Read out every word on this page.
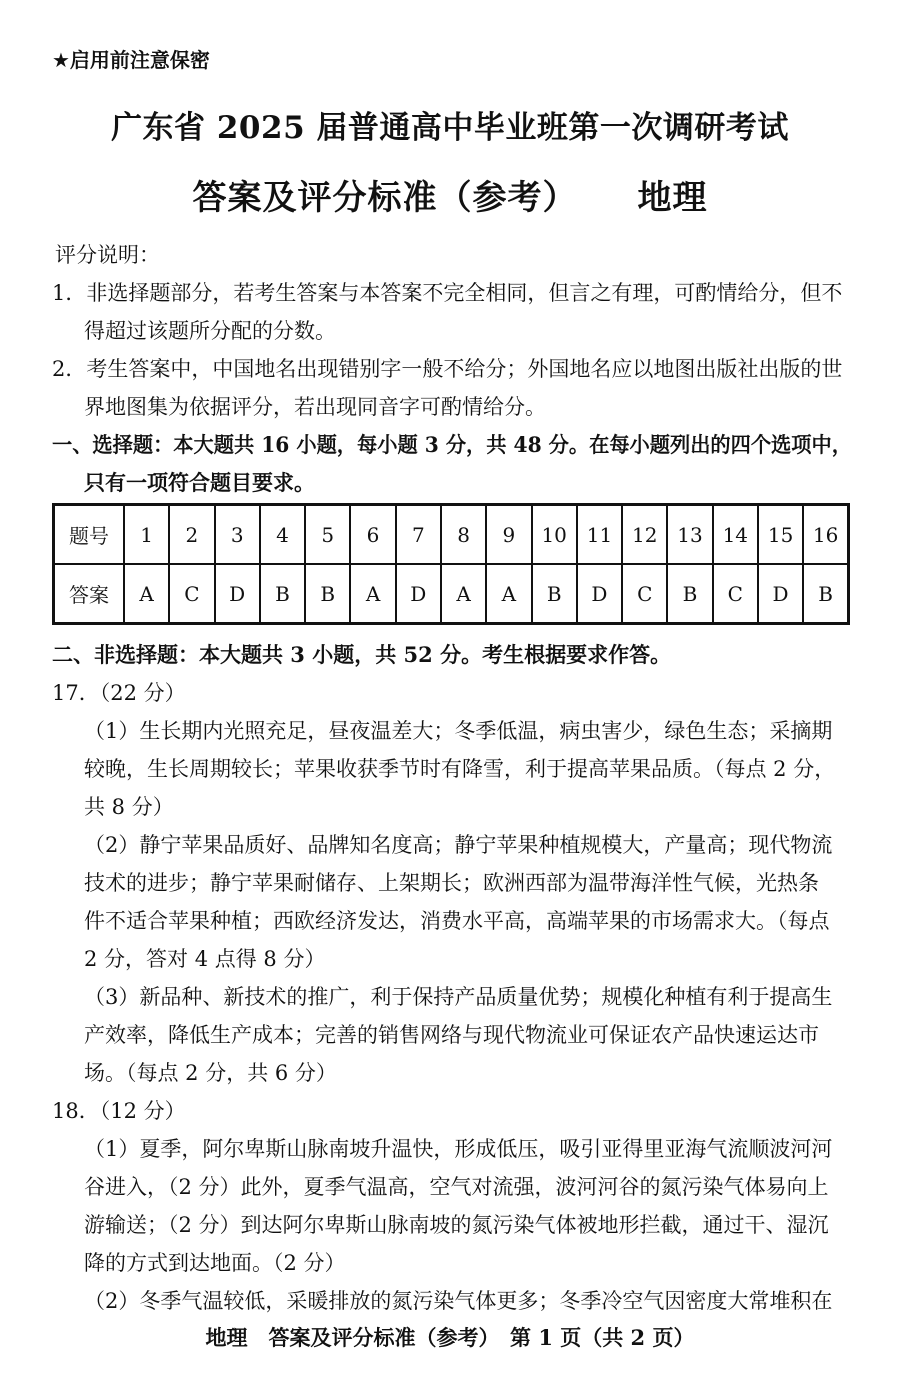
★启用前注意保密
广东省 2025 届普通高中毕业班第一次调研考试
答案及评分标准（参考） 地理
评分说明：
1．非选择题部分，若考生答案与本答案不完全相同，但言之有理，可酌情给分，但不
得超过该题所分配的分数。
2．考生答案中，中国地名出现错别字一般不给分；外国地名应以地图出版社出版的世
界地图集为依据评分，若出现同音字可酌情给分。
一、选择题：本大题共 16 小题，每小题 3 分，共 48 分。在每小题列出的四个选项中，
只有一项符合题目要求。
题号	1	2	3	4	5	6	7	8	9	10	11	12	13	14	15	16
答案	A	C	D	B	B	A	D	A	A	B	D	C	B	C	D	B
二、非选择题：本大题共 3 小题，共 52 分。考生根据要求作答。
17．（22 分）
（1）生长期内光照充足，昼夜温差大；冬季低温，病虫害少，绿色生态；采摘期
较晚，生长周期较长；苹果收获季节时有降雪，利于提高苹果品质。（每点 2 分，
共 8 分）
（2）静宁苹果品质好、品牌知名度高；静宁苹果种植规模大，产量高；现代物流
技术的进步；静宁苹果耐储存、上架期长；欧洲西部为温带海洋性气候，光热条
件不适合苹果种植；西欧经济发达，消费水平高，高端苹果的市场需求大。（每点
2 分，答对 4 点得 8 分）
（3）新品种、新技术的推广，利于保持产品质量优势；规模化种植有利于提高生
产效率，降低生产成本；完善的销售网络与现代物流业可保证农产品快速运达市
场。（每点 2 分，共 6 分）
18．（12 分）
（1）夏季，阿尔卑斯山脉南坡升温快，形成低压，吸引亚得里亚海气流顺波河河
谷进入，（2 分）此外，夏季气温高，空气对流强，波河河谷的氮污染气体易向上
游输送；（2 分）到达阿尔卑斯山脉南坡的氮污染气体被地形拦截，通过干、湿沉
降的方式到达地面。（2 分）
（2）冬季气温较低，采暖排放的氮污染气体更多；冬季冷空气因密度大常堆积在
地理　答案及评分标准（参考）　第 1 页（共 2 页）
